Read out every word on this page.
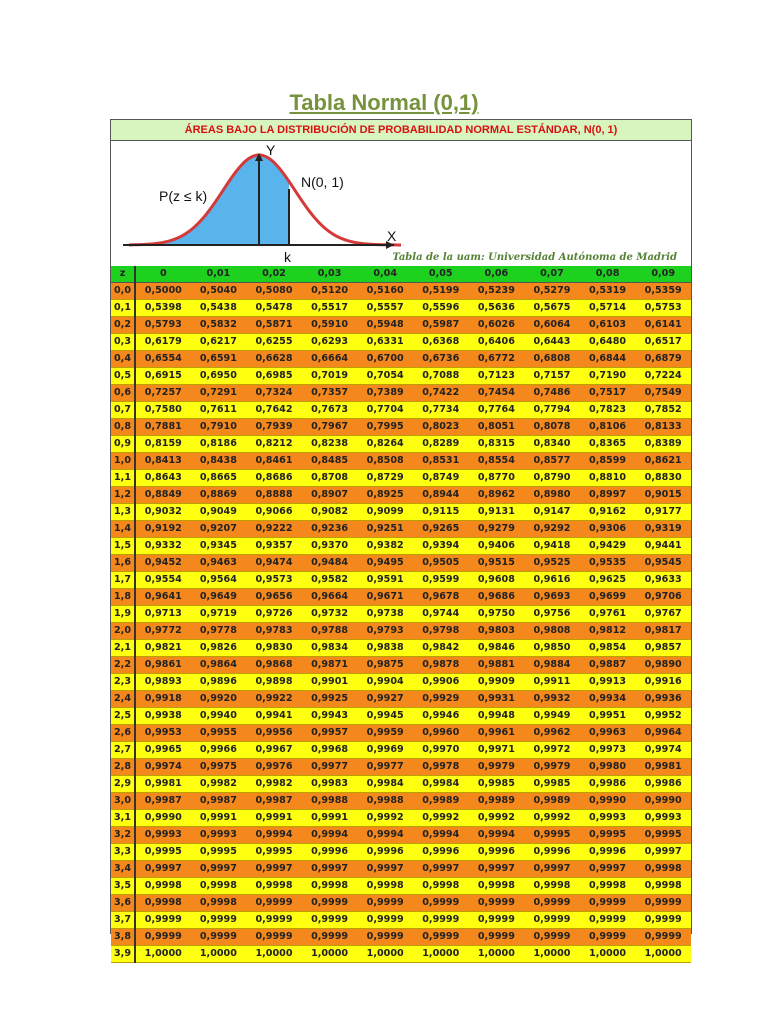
Tabla Normal (0,1)
ÁREAS BAJO LA DISTRIBUCIÓN DE PROBABILIDAD NORMAL ESTÁNDAR, N(0, 1)
Y
X
N(0, 1)
P(z ≤ k)
k	Tabla de la uam: Universidad Autónoma de Madrid
z	0	0,01	0,02	0,03	0,04	0,05	0,06	0,07	0,08	0,09
0,0	0,5000	0,5040	0,5080	0,5120	0,5160	0,5199	0,5239	0,5279	0,5319	0,5359
0,1	0,5398	0,5438	0,5478	0,5517	0,5557	0,5596	0,5636	0,5675	0,5714	0,5753
0,2	0,5793	0,5832	0,5871	0,5910	0,5948	0,5987	0,6026	0,6064	0,6103	0,6141
0,3	0,6179	0,6217	0,6255	0,6293	0,6331	0,6368	0,6406	0,6443	0,6480	0,6517
0,4	0,6554	0,6591	0,6628	0,6664	0,6700	0,6736	0,6772	0,6808	0,6844	0,6879
0,5	0,6915	0,6950	0,6985	0,7019	0,7054	0,7088	0,7123	0,7157	0,7190	0,7224
0,6	0,7257	0,7291	0,7324	0,7357	0,7389	0,7422	0,7454	0,7486	0,7517	0,7549
0,7	0,7580	0,7611	0,7642	0,7673	0,7704	0,7734	0,7764	0,7794	0,7823	0,7852
0,8	0,7881	0,7910	0,7939	0,7967	0,7995	0,8023	0,8051	0,8078	0,8106	0,8133
0,9	0,8159	0,8186	0,8212	0,8238	0,8264	0,8289	0,8315	0,8340	0,8365	0,8389
1,0	0,8413	0,8438	0,8461	0,8485	0,8508	0,8531	0,8554	0,8577	0,8599	0,8621
1,1	0,8643	0,8665	0,8686	0,8708	0,8729	0,8749	0,8770	0,8790	0,8810	0,8830
1,2	0,8849	0,8869	0,8888	0,8907	0,8925	0,8944	0,8962	0,8980	0,8997	0,9015
1,3	0,9032	0,9049	0,9066	0,9082	0,9099	0,9115	0,9131	0,9147	0,9162	0,9177
1,4	0,9192	0,9207	0,9222	0,9236	0,9251	0,9265	0,9279	0,9292	0,9306	0,9319
1,5	0,9332	0,9345	0,9357	0,9370	0,9382	0,9394	0,9406	0,9418	0,9429	0,9441
1,6	0,9452	0,9463	0,9474	0,9484	0,9495	0,9505	0,9515	0,9525	0,9535	0,9545
1,7	0,9554	0,9564	0,9573	0,9582	0,9591	0,9599	0,9608	0,9616	0,9625	0,9633
1,8	0,9641	0,9649	0,9656	0,9664	0,9671	0,9678	0,9686	0,9693	0,9699	0,9706
1,9	0,9713	0,9719	0,9726	0,9732	0,9738	0,9744	0,9750	0,9756	0,9761	0,9767
2,0	0,9772	0,9778	0,9783	0,9788	0,9793	0,9798	0,9803	0,9808	0,9812	0,9817
2,1	0,9821	0,9826	0,9830	0,9834	0,9838	0,9842	0,9846	0,9850	0,9854	0,9857
2,2	0,9861	0,9864	0,9868	0,9871	0,9875	0,9878	0,9881	0,9884	0,9887	0,9890
2,3	0,9893	0,9896	0,9898	0,9901	0,9904	0,9906	0,9909	0,9911	0,9913	0,9916
2,4	0,9918	0,9920	0,9922	0,9925	0,9927	0,9929	0,9931	0,9932	0,9934	0,9936
2,5	0,9938	0,9940	0,9941	0,9943	0,9945	0,9946	0,9948	0,9949	0,9951	0,9952
2,6	0,9953	0,9955	0,9956	0,9957	0,9959	0,9960	0,9961	0,9962	0,9963	0,9964
2,7	0,9965	0,9966	0,9967	0,9968	0,9969	0,9970	0,9971	0,9972	0,9973	0,9974
2,8	0,9974	0,9975	0,9976	0,9977	0,9977	0,9978	0,9979	0,9979	0,9980	0,9981
2,9	0,9981	0,9982	0,9982	0,9983	0,9984	0,9984	0,9985	0,9985	0,9986	0,9986
3,0	0,9987	0,9987	0,9987	0,9988	0,9988	0,9989	0,9989	0,9989	0,9990	0,9990
3,1	0,9990	0,9991	0,9991	0,9991	0,9992	0,9992	0,9992	0,9992	0,9993	0,9993
3,2	0,9993	0,9993	0,9994	0,9994	0,9994	0,9994	0,9994	0,9995	0,9995	0,9995
3,3	0,9995	0,9995	0,9995	0,9996	0,9996	0,9996	0,9996	0,9996	0,9996	0,9997
3,4	0,9997	0,9997	0,9997	0,9997	0,9997	0,9997	0,9997	0,9997	0,9997	0,9998
3,5	0,9998	0,9998	0,9998	0,9998	0,9998	0,9998	0,9998	0,9998	0,9998	0,9998
3,6	0,9998	0,9998	0,9999	0,9999	0,9999	0,9999	0,9999	0,9999	0,9999	0,9999
3,7	0,9999	0,9999	0,9999	0,9999	0,9999	0,9999	0,9999	0,9999	0,9999	0,9999
3,8	0,9999	0,9999	0,9999	0,9999	0,9999	0,9999	0,9999	0,9999	0,9999	0,9999
3,9	1,0000	1,0000	1,0000	1,0000	1,0000	1,0000	1,0000	1,0000	1,0000	1,0000
